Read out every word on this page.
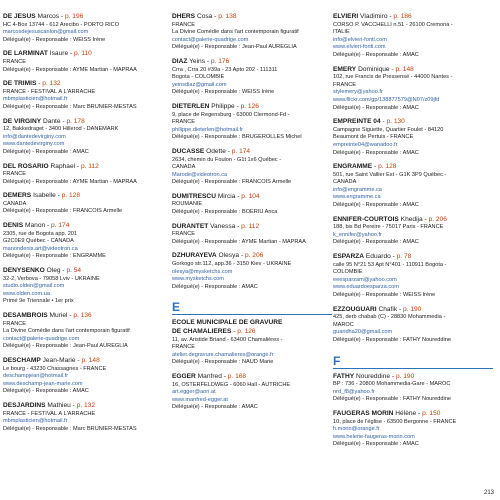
DE JESUS Marcos - p. 196
HC 4-Box 13744 - 612 Arecibo - PORTO RICO
marcosdejesuscanlon@gmail.com
Délégué(e) - Responsable : WEISS Irène
DE LARMINAT Isaure - p. 110
FRANCE
Délégué(e) - Responsable : AYME Martian - MAPRAA
DE TRIMIS - p. 132
FRANCE - FESTIVAL À L'ARRACHE
mbmplasticien@hotmail.fr
Délégué(e) - Responsable : Marc BRUNIER-MESTAS
DE VIRGINY Dante - p. 178
12, Bakkedraget - 3400 Hillerod - DANEMARK
info@dantedevirginy.com
www.dantedevirginy.com
Délégué(e) - Responsable : AMAC
DEL ROSARIO Raphael - p. 112
FRANCE
Délégué(e) - Responsable : AYME Martian - MAPRAA
DEMERS Isabelle - p. 128
CANADA
Délégué(e) - Responsable : FRANCOIS Armelle
DENIS Manon - p. 174
2305, rue de Bogota app. 201
G2C0E9 Québec - CANADA
manondenis.art@videotron.ca
Délégué(e) - Responsable : ENGRAMME
DENYSENKO Oleg - p. 54
32-2, Verbova - 79058 Lviv - UKRAINE
studio.olden@gmail.com
www.olden.com.ua
Primé 9e Triennale • 1er prix
DESAMBROIS Muriel - p. 136
FRANCE
La Divine Comédie dans l'art contemporain figuratif
contact@galerie-quadrige.com
Délégué(e) - Responsable : Jean-Paul AUREGLIA
DESCHAMP Jean-Marie - p. 148
Le bourg - 43230 Chassagnes - FRANCE
deschampjean@hotmail.fr
www.deschamp-jean-marie.com
Délégué(e) - Responsable : AMAC
DESJARDINS Mathieu - p. 132
FRANCE - FESTIVAL À L'ARRACHE
mbmplasticien@hotmail.fr
Délégué(e) - Responsable : Marc BRUNIER-MESTAS
DHERS Cosa - p. 138
FRANCE
La Divine Comédie dans l'art contemporain figuratif
contact@galerie-quadrige.com
Délégué(e) - Responsable : Jean-Paul AUREGLIA
DIAZ Yeins - p. 176
Crra , Crra 20 #39a - 23 Apto 202 - 111311
Bogota - COLOMBIE
yeinsdiaz@gmail.com
Délégué(e) - Responsable : WEISS Irène
DIETERLEN Philippe - p. 126
9, place de Regensburg - 63000 Clermond-Fd -
FRANCE
philippe.dieterlen@hotmail.fr
Délégué(e) - Responsable : BRUGEROLLES Michel
DUCASSE Odette - p. 174
2634, chemin du Foulon - G1t 1x6 Québec -
CANADA
Marode@videotron.ca
Délégué(e) - Responsable : FRANCOIS Armelle
DUMITRESCU Mircia - p. 104
ROUMANIE
Délégué(e) - Responsable : BOERIU Anca
DURANTET Vanessa - p. 112
FRANCE
Délégué(e) - Responsable : AYME Martian - MAPRAA
DZHURAYEVA Olesya - p. 206
Gorkogo str.112, app.36 - 3150 Kiev - UKRAINE
olesya@mysketchs.com
www.mysketchs.com
Délégué(e) - Responsable : AMAC
E
ÉCOLE MUNICIPALE DE GRAVURE
DE CHAMALIÈRES - p. 126
11, av. Aristide Briand - 63400 Chamalières -
FRANCE
atelier.degravure.chamalieres@orange.fr
Délégué(e) - Responsable : NAUD Marie
EGGER Manfred - p. 168
16, OSTERFELDWEG - 6060 Hall - AUTRICHE
art.egger@aon.at
www.manfred-egger.at
Délégué(e) - Responsable : AMAC
ELVIERI Vladimiro - p. 186
CORSO P. VACCHELLI n.51 - 26100 Cremona -
ITALIE
info@elvieri-fonti.com
www.elvieri-fonti.com
Délégué(e) - Responsable : AMAC
EMERY Dominique - p. 148
102, rue Francis de Pressensé - 44000 Nantes -
FRANCE
stylemery@yahoo.fr
www.flickr.com/gp/138877579@N07/z09jfd
Délégué(e) - Responsable : AMAC
EMPREINTE 04 - p. 130
Campagne Siguette, Quartier Foulet - 84120
Beaumont de Pertuis - FRANCE
empreinte04@wanadoo.fr
Délégué(e) - Responsable : AMAC
ENGRAMME - p. 128
501, rue Saint Vallier Est - G1K 3P9 Québec -
CANADA
info@engramme.ca
www.engramme.ca
Délégué(e) - Responsable : AMAC
ENNIFER-COURTOIS Khedija - p. 206
188, bis Bd Pereire - 75017 Paris - FRANCE
k_ennifer@yahoo.fr
Délégué(e) - Responsable : AMAC
ESPARZA Eduardo - p. 78
calle 95 N°21 53 Apt N°401 - 110911 Bogota -
COLOMBIE
eeesparzam@yahoo.com
www.eduardoesparza.com
Délégué(e) - Responsable : WEISS Irène
EZZOUGUARI Chafik - p. 190
425, derb chabab (C) - 28830 Mohammedia -
MAROC
guaridha20@gmail.com
Délégué(e) - Responsable : FATHY Noureddine
F
FATHY Noureddine - p. 190
BP : 736 - 20800 Mohammedia-Gare - MAROC
nrd_f8@yahoo.fr
Délégué(e) - Responsable : FATHY Noureddine
FAUGERAS MORIN Hélène - p. 150
10, place de l'église - 63500 Bergonne - FRANCE
h.morin@orange.fr
www.helene-faugeras-morin.com
Délégué(e) - Responsable : AMAC
213
